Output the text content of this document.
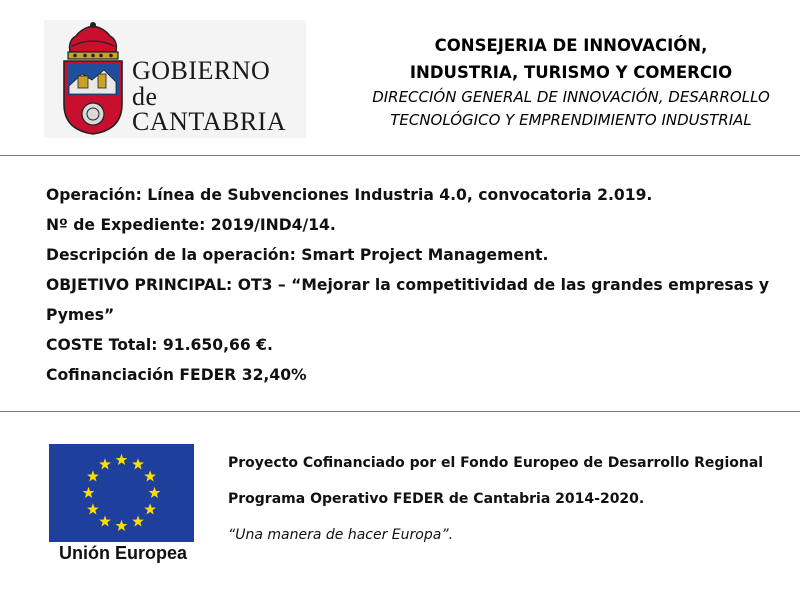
GOBIERNO
de
CANTABRIA
CONSEJERIA DE INNOVACIÓN,
INDUSTRIA, TURISMO Y COMERCIO
DIRECCIÓN GENERAL DE INNOVACIÓN, DESARROLLO
TECNOLÓGICO Y EMPRENDIMIENTO INDUSTRIAL
Operación: Línea de Subvenciones Industria 4.0, convocatoria 2.019.
Nº de Expediente: 2019/IND4/14.
Descripción de la operación: Smart Project Management.
OBJETIVO PRINCIPAL: OT3 – “Mejorar la competitividad de las grandes empresas y Pymes”
COSTE Total: 91.650,66 €.
Cofinanciación FEDER 32,40%
Unión Europea
Proyecto Cofinanciado por el Fondo Europeo de Desarrollo Regional
Programa Operativo FEDER de Cantabria 2014-2020.
“Una manera de hacer Europa”.
